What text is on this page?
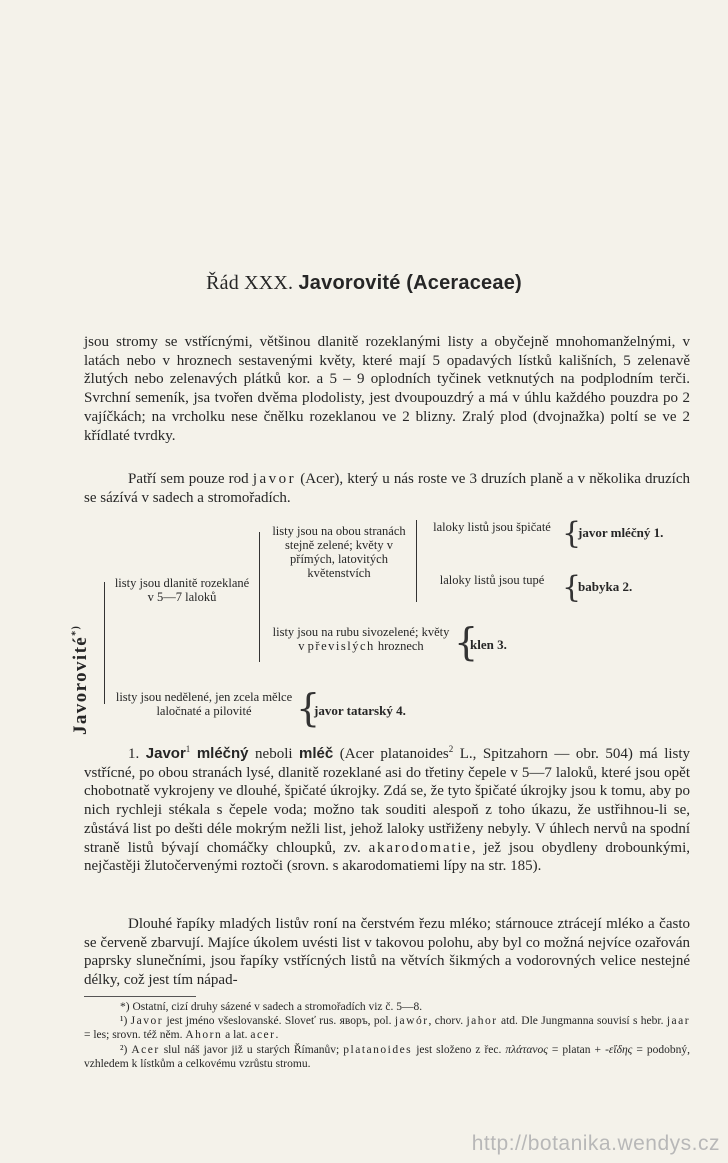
Řád XXX. Javorovité (Aceraceae)

jsou stromy se vstřícnými, většinou dlanitě rozeklanými listy a obyčejně mnohomanželnými, v latách nebo v hroznech sestavenými květy, které mají 5 opadavých lístků kališních, 5 zelenavě žlutých nebo zelenavých plátků kor. a 5 – 9 oplodních tyčinek vetknutých na podplodním terči. Svrchní semeník, jsa tvořen dvěma plodolisty, jest dvoupouzdrý a má v úhlu každého pouzdra po 2 vajíčkách; na vrcholku nese čnělku rozeklanou ve 2 blizny. Zralý plod (dvojnažka) poltí se ve 2 křídlaté tvrdky.

Patří sem pouze rod javor (Acer), který u nás roste ve 3 druzích planě a v několika druzích se sázívá v sadech a stromořadích.

Javorovité*)

listy jsou dlanitě rozeklané v 5—7 laloků

listy jsou na obou stranách stejně zelené; květy v přímých, latovitých květenstvích

laloky listů jsou špičaté {
javor mléčný 1.

laloky listů jsou tupé {
babyka 2.

listy jsou na rubu sivozelené; květy v převislých hroznech {
klen 3.

listy jsou nedělené, jen zcela mělce laločnaté a pilovité	{
javor tatarský 4.

1. Javor$^1$ mléčný neboli mléč (Acer platanoides$^2$ L., Spitzahorn — obr. 504) má listy vstřícné, po obou stranách lysé, dlanitě rozeklané asi do třetiny čepele v 5—7 laloků, které jsou opět chobotnatě vykrojeny ve dlouhé, špičaté úkrojky. Zdá se, že tyto špičaté úkrojky jsou k tomu, aby po nich rychleji stékala s čepele voda; možno tak souditi alespoň z toho úkazu, že ustřihnou-li se, zůstává list po dešti déle mokrým nežli list, jehož laloky ustřiženy nebyly. V úhlech nervů na spodní straně listů bývají chomáčky chloupků, zv. akarodomatie, jež jsou obydleny drobounkými, nejčastěji žlutočervenými roztoči (srovn. s akarodomatiemi lípy na str. 185).

Dlouhé řapíky mladých listův roní na čerstvém řezu mléko; stárnouce ztrácejí mléko a často se červeně zbarvují. Majíce úkolem uvésti list v takovou polohu, aby byl co možná nejvíce ozařován paprsky slunečními, jsou řapíky vstřícných listů na větvích šikmých a vodorovných velice nestejné délky, což jest tím nápad-

*) Ostatní, cizí druhy sázené v sadech a stromořadích viz č. 5—8.

¹) Javor jest jméno všeslovanské. Sloveť rus. яворъ, pol. jawór, chorv. jahor atd. Dle Jungmanna souvisí s hebr. jaar = les; srovn. též něm. Ahorn a lat. acer.

²) Acer slul náš javor již u starých Římanův; platanoides jest složeno z řec. πλάτανος = platan + -εἴδης = podobný, vzhledem k lístkům a celkovému vzrůstu stromu.

http://botanika.wendys.cz
